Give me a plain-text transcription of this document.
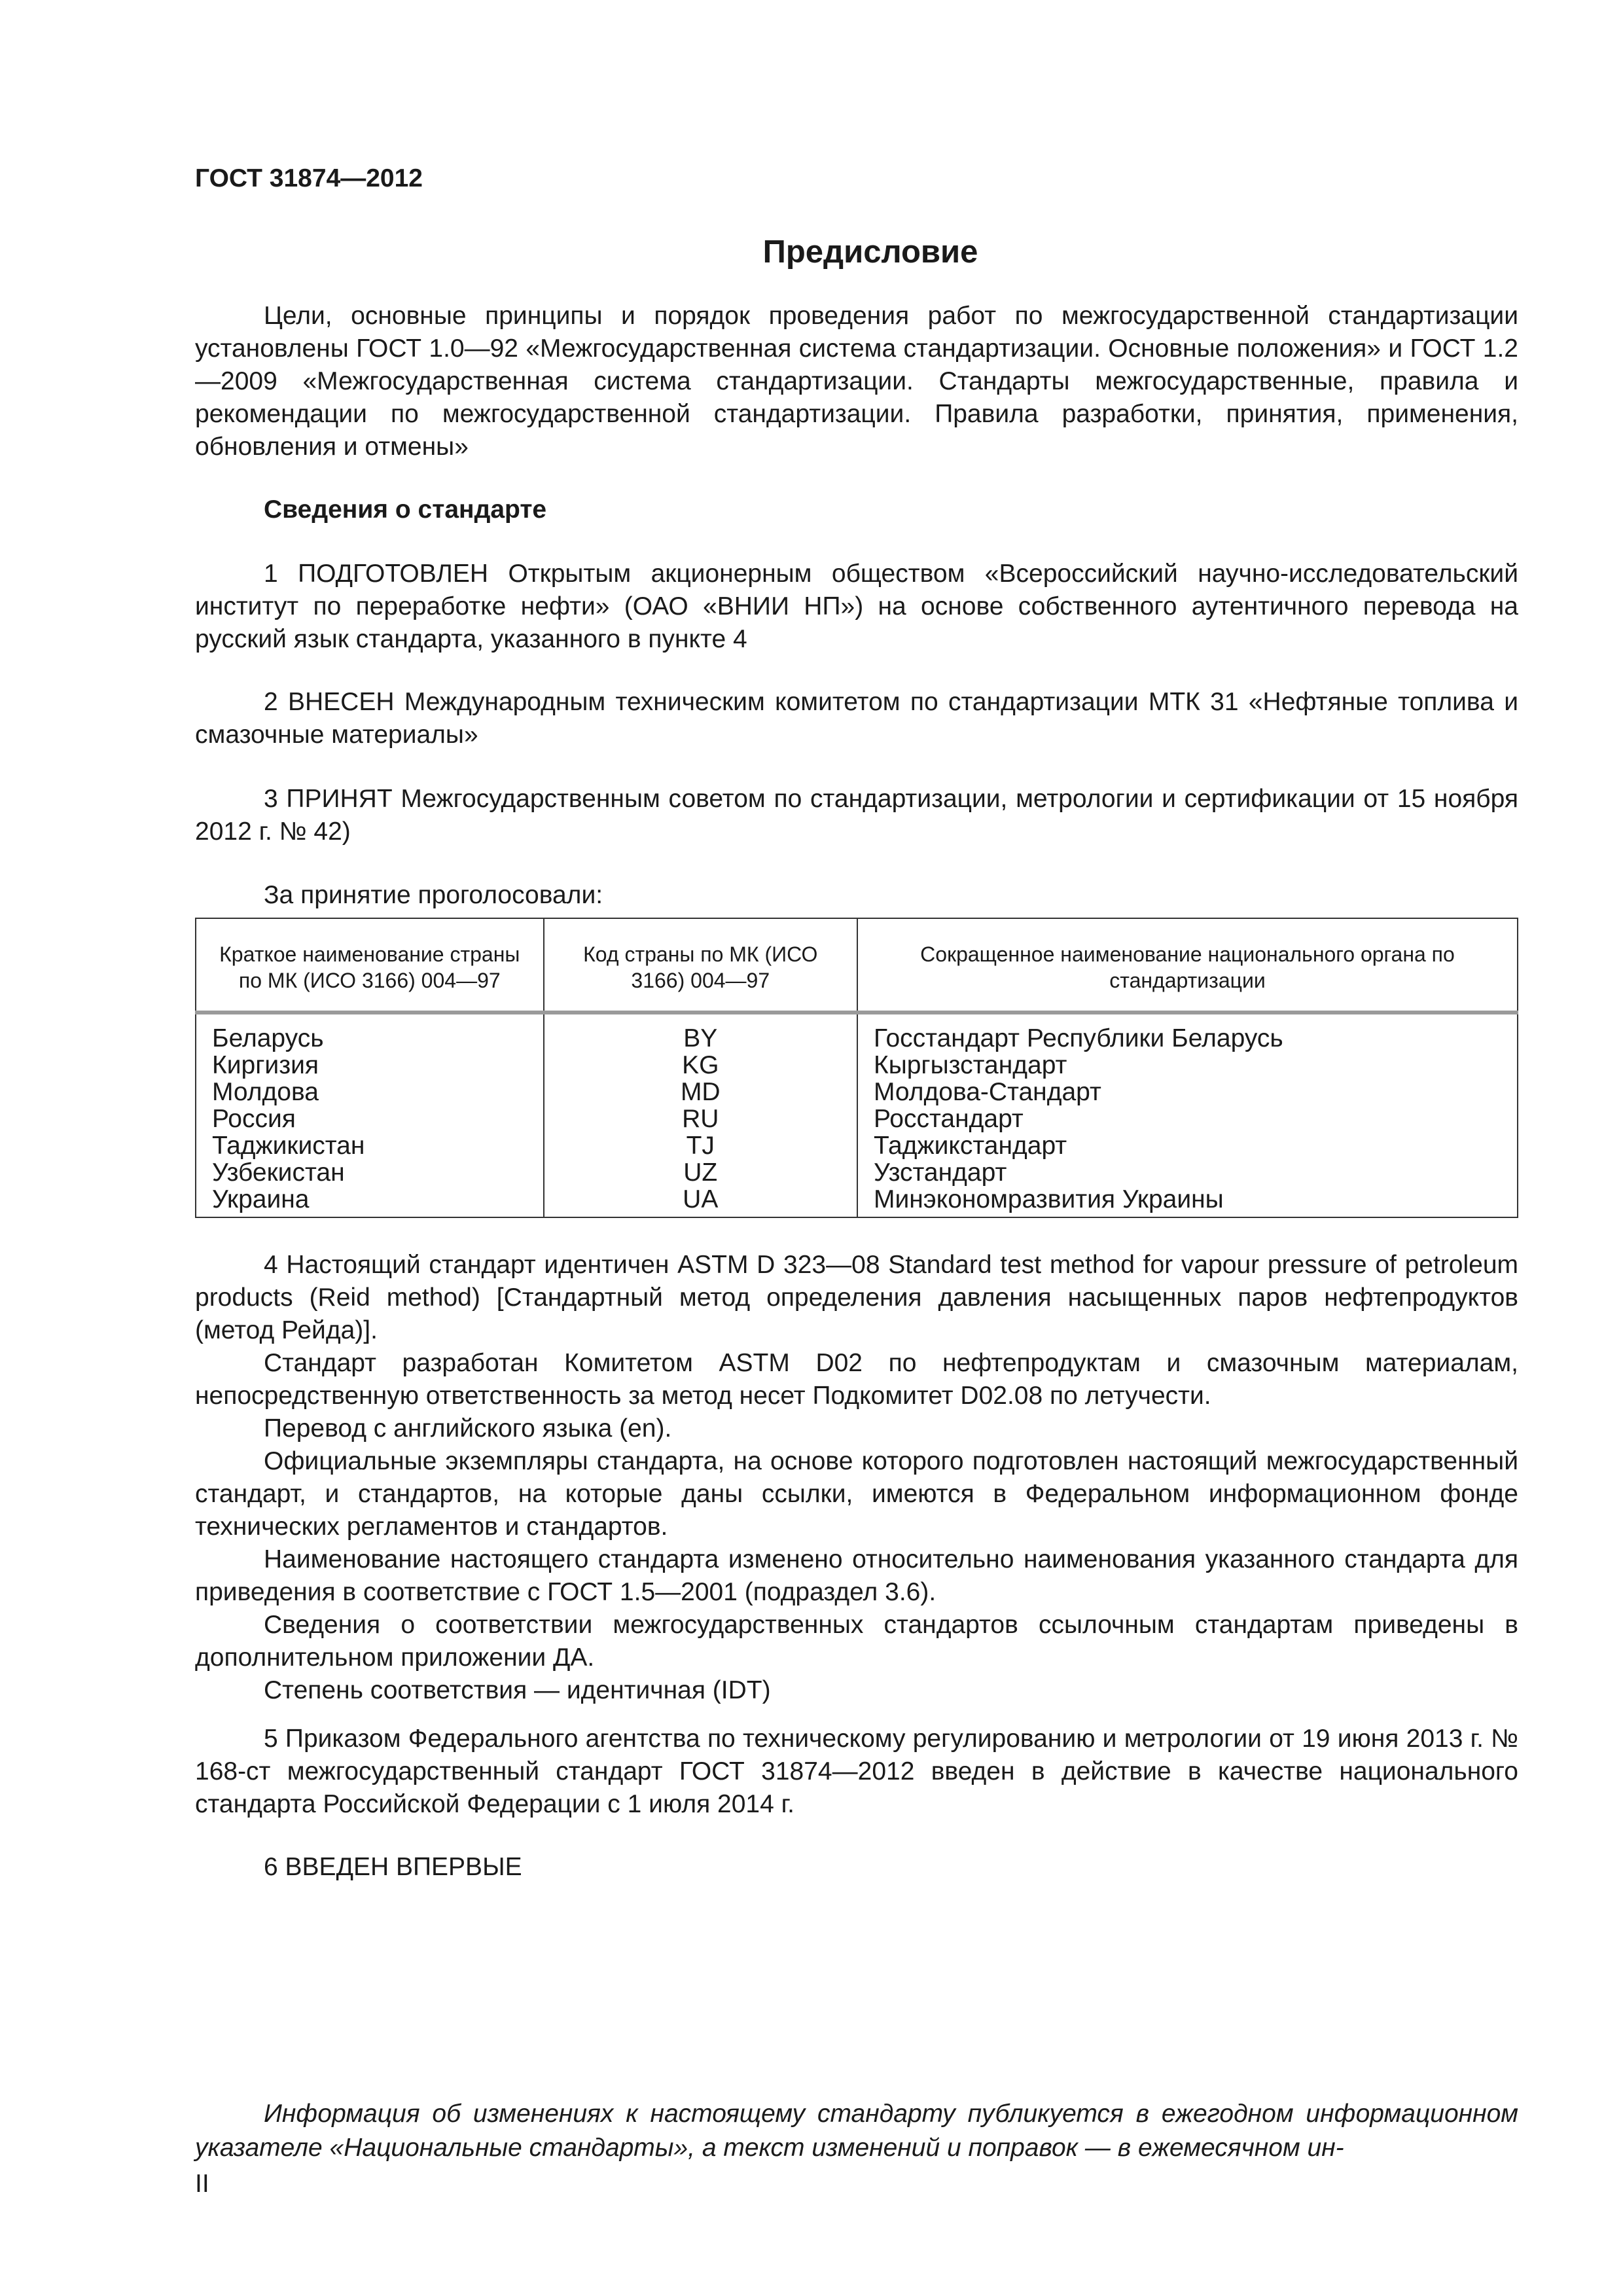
ГОСТ 31874—2012
Предисловие

Цели, основные принципы и порядок проведения работ по межгосударственной стандартизации установлены ГОСТ 1.0—92 «Межгосударственная система стандартизации. Основные положения» и ГОСТ 1.2—2009 «Межгосударственная система стандартизации. Стандарты межгосударственные, правила и рекомендации по межгосударственной стандартизации. Правила разработки, принятия, применения, обновления и отмены»

Сведения о стандарте

1 ПОДГОТОВЛЕН Открытым акционерным обществом «Всероссийский научно-исследовательский институт по переработке нефти» (ОАО «ВНИИ НП») на основе собственного аутентичного перевода на русский язык стандарта, указанного в пункте 4

2 ВНЕСЕН Международным техническим комитетом по стандартизации МТК 31 «Нефтяные топлива и смазочные материалы»

3 ПРИНЯТ Межгосударственным советом по стандартизации, метрологии и сертификации от 15 ноября 2012 г. № 42)

За принятие проголосовали:

Краткое наименование страны по МК (ИСО 3166) 004—97	Код страны по МК (ИСО 3166) 004—97	Сокращенное наименование национального органа по стандартизации
Беларусь	BY	Госстандарт Республики Беларусь
Киргизия	KG	Кыргызстандарт
Молдова	MD	Молдова-Стандарт
Россия	RU	Росстандарт
Таджикистан	TJ	Таджикстандарт
Узбекистан	UZ	Узстандарт
Украина	UA	Минэкономразвития Украины

4 Настоящий стандарт идентичен ASTM D 323—08 Standard test method for vapour pressure of petroleum products (Reid method) [Стандартный метод определения давления насыщенных паров нефтепродуктов (метод Рейда)].

Стандарт разработан Комитетом ASTM D02 по нефтепродуктам и смазочным материалам, непосредственную ответственность за метод несет Подкомитет D02.08 по летучести.

Перевод с английского языка (en).

Официальные экземпляры стандарта, на основе которого подготовлен настоящий межгосударственный стандарт, и стандартов, на которые даны ссылки, имеются в Федеральном информационном фонде технических регламентов и стандартов.

Наименование настоящего стандарта изменено относительно наименования указанного стандарта для приведения в соответствие с ГОСТ 1.5—2001 (подраздел 3.6).

Сведения о соответствии межгосударственных стандартов ссылочным стандартам приведены в дополнительном приложении ДА.

Степень соответствия — идентичная (IDT)

5 Приказом Федерального агентства по техническому регулированию и метрологии от 19 июня 2013 г. № 168-ст межгосударственный стандарт ГОСТ 31874—2012 введен в действие в качестве национального стандарта Российской Федерации с 1 июля 2014 г.

6 ВВЕДЕН ВПЕРВЫЕ

Информация об изменениях к настоящему стандарту публикуется в ежегодном информационном указателе «Национальные стандарты», а текст изменений и поправок — в ежемесячном ин-

II
